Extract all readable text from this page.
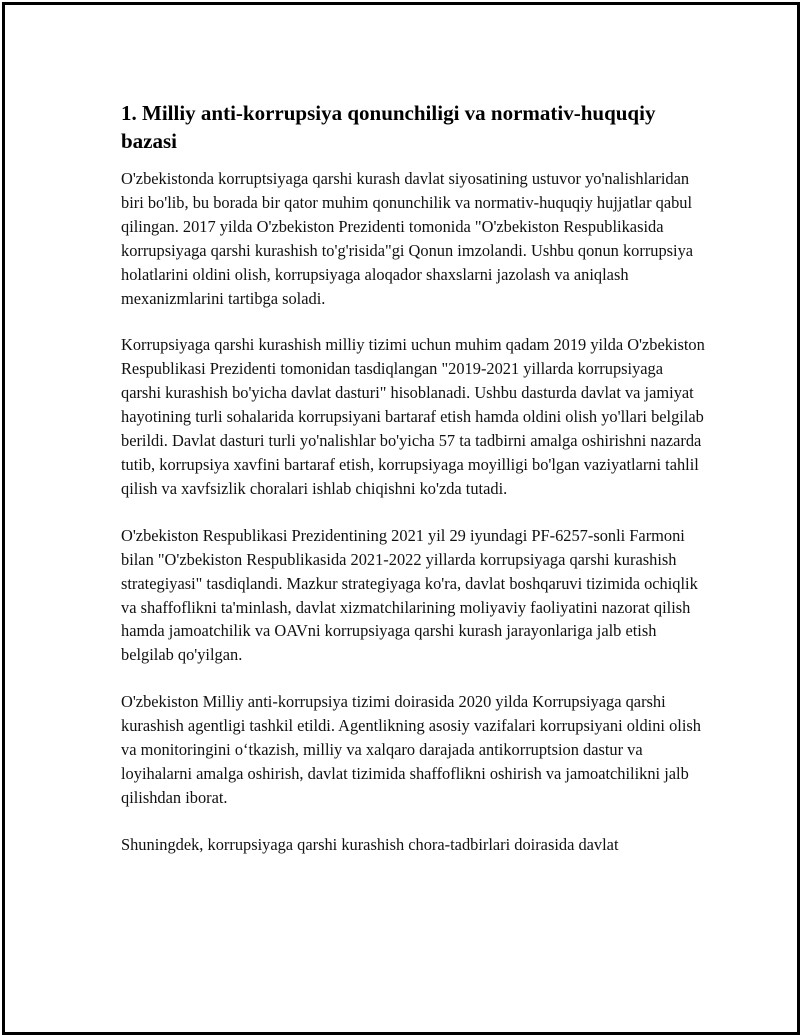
1. Milliy anti-korrupsiya qonunchiligi va normativ-huquqiy bazasi

O'zbekistonda korruptsiyaga qarshi kurash davlat siyosatining ustuvor yo'nalishlaridan biri bo'lib, bu borada bir qator muhim qonunchilik va normativ-huquqiy hujjatlar qabul qilingan. 2017 yilda O'zbekiston Prezidenti tomonida "O'zbekiston Respublikasida korrupsiyaga qarshi kurashish to'g'risida"gi Qonun imzolandi. Ushbu qonun korrupsiya holatlarini oldini olish, korrupsiyaga aloqador shaxslarni jazolash va aniqlash mexanizmlarini tartibga soladi.

Korrupsiyaga qarshi kurashish milliy tizimi uchun muhim qadam 2019 yilda O'zbekiston Respublikasi Prezidenti tomonidan tasdiqlangan "2019-2021 yillarda korrupsiyaga qarshi kurashish bo'yicha davlat dasturi" hisoblanadi. Ushbu dasturda davlat va jamiyat hayotining turli sohalarida korrupsiyani bartaraf etish hamda oldini olish yo'llari belgilab berildi. Davlat dasturi turli yo'nalishlar bo'yicha 57 ta tadbirni amalga oshirishni nazarda tutib, korrupsiya xavfini bartaraf etish, korrupsiyaga moyilligi bo'lgan vaziyatlarni tahlil qilish va xavfsizlik choralari ishlab chiqishni ko'zda tutadi.

O'zbekiston Respublikasi Prezidentining 2021 yil 29 iyundagi PF-6257-sonli Farmoni bilan "O'zbekiston Respublikasida 2021-2022 yillarda korrupsiyaga qarshi kurashish strategiyasi" tasdiqlandi. Mazkur strategiyaga ko'ra, davlat boshqaruvi tizimida ochiqlik va shaffoflikni ta'minlash, davlat xizmatchilarining moliyaviy faoliyatini nazorat qilish hamda jamoatchilik va OAVni korrupsiyaga qarshi kurash jarayonlariga jalb etish belgilab qo'yilgan.

O'zbekiston Milliy anti-korrupsiya tizimi doirasida 2020 yilda Korrupsiyaga qarshi kurashish agentligi tashkil etildi. Agentlikning asosiy vazifalari korrupsiyani oldini olish va monitoringini o‘tkazish, milliy va xalqaro darajada antikorruptsion dastur va loyihalarni amalga oshirish, davlat tizimida shaffoflikni oshirish va jamoatchilikni jalb qilishdan iborat.

Shuningdek, korrupsiyaga qarshi kurashish chora-tadbirlari doirasida davlat
